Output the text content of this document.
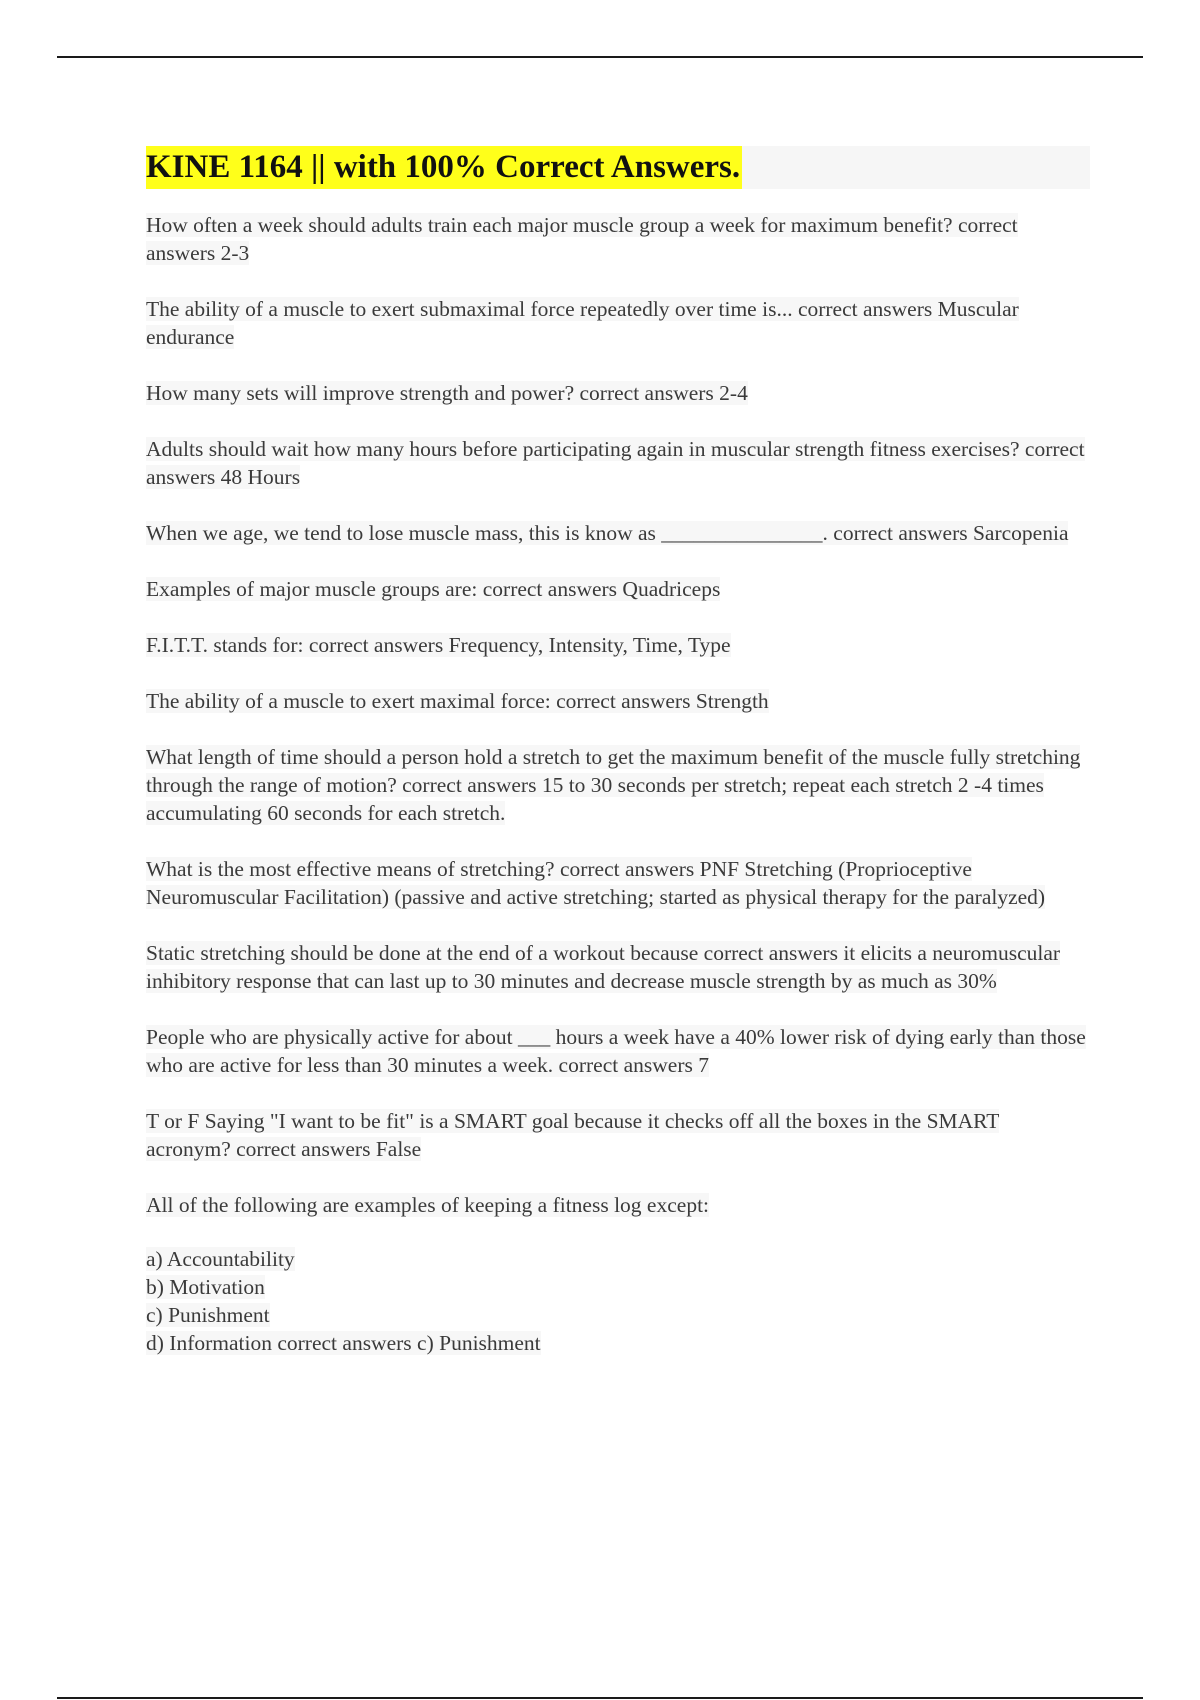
KINE 1164 || with 100% Correct Answers.

How often a week should adults train each major muscle group a week for maximum benefit? correct answers 2-3

The ability of a muscle to exert submaximal force repeatedly over time is... correct answers Muscular endurance

How many sets will improve strength and power? correct answers 2-4

Adults should wait how many hours before participating again in muscular strength fitness exercises? correct answers 48 Hours

When we age, we tend to lose muscle mass, this is know as _______________. correct answers Sarcopenia

Examples of major muscle groups are: correct answers Quadriceps

F.I.T.T. stands for: correct answers Frequency, Intensity, Time, Type

The ability of a muscle to exert maximal force: correct answers Strength

What length of time should a person hold a stretch to get the maximum benefit of the muscle fully stretching through the range of motion? correct answers 15 to 30 seconds per stretch; repeat each stretch 2 -4 times accumulating 60 seconds for each stretch.

What is the most effective means of stretching? correct answers PNF Stretching (Proprioceptive Neuromuscular Facilitation) (passive and active stretching; started as physical therapy for the paralyzed)

Static stretching should be done at the end of a workout because correct answers it elicits a neuromuscular inhibitory response that can last up to 30 minutes and decrease muscle strength by as much as 30%

People who are physically active for about ___ hours a week have a 40% lower risk of dying early than those who are active for less than 30 minutes a week. correct answers 7

T or F Saying "I want to be fit" is a SMART goal because it checks off all the boxes in the SMART acronym? correct answers False

All of the following are examples of keeping a fitness log except:

a) Accountability
b) Motivation
c) Punishment
d) Information correct answers c) Punishment
